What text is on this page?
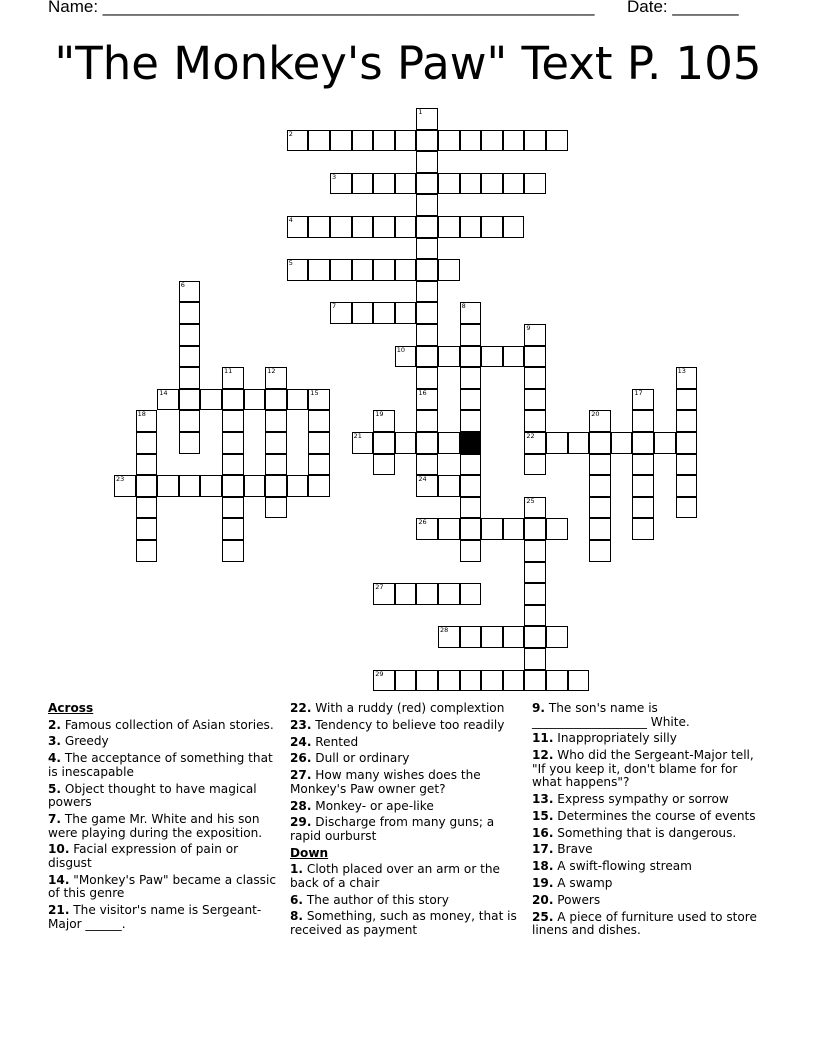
Name: ____________________________________________________ Date: _______
"The Monkey's Paw" Text P. 105
1
2
3
4
5
6
7	8
9
22
10
11	12	13
14	15	16	17
18	19	20
21
23	24
25
26
27
28
29
Across
2. Famous collection of Asian stories.
3. Greedy
4. The acceptance of something that is inescapable
5. Object thought to have magical powers
7. The game Mr. White and his son were playing during the exposition.
10. Facial expression of pain or disgust
14. "Monkey's Paw" became a classic of this genre
21. The visitor's name is Sergeant-Major ______.
22. With a ruddy (red) complextion
23. Tendency to believe too readily
24. Rented
26. Dull or ordinary
27. How many wishes does the Monkey's Paw owner get?
28. Monkey- or ape-like
29. Discharge from many guns; a rapid ourburst
Down
1. Cloth placed over an arm or the back of a chair
6. The author of this story
8. Something, such as money, that is received as payment
9. The son's name is ___________________ White.
11. Inappropriately silly
12. Who did the Sergeant-Major tell, "If you keep it, don't blame for for what happens"?
13. Express sympathy or sorrow
15. Determines the course of events
16. Something that is dangerous.
17. Brave
18. A swift-flowing stream
19. A swamp
20. Powers
25. A piece of furniture used to store linens and dishes.
